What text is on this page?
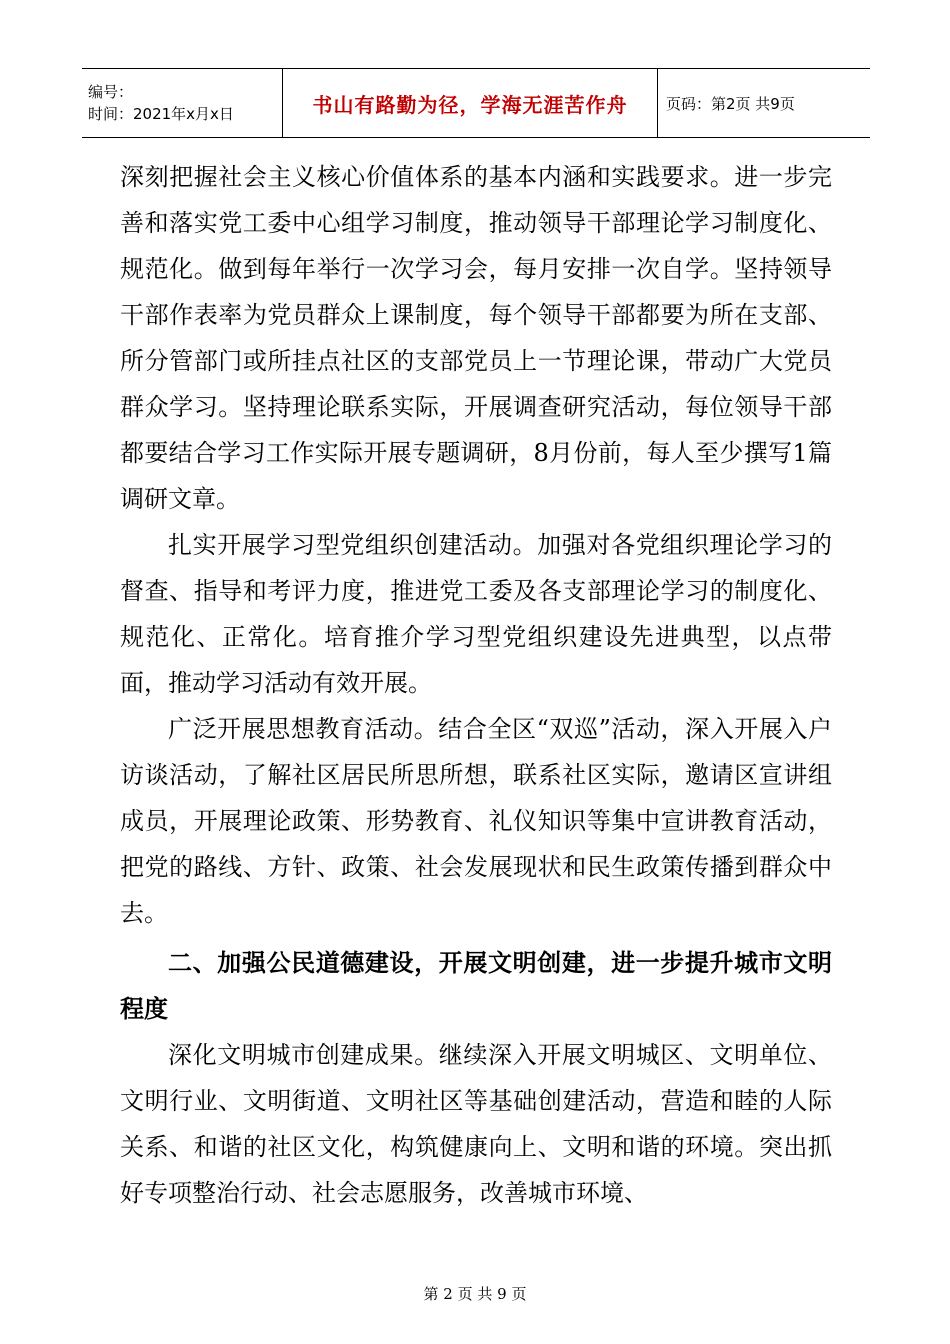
编号：
时间：2021年x月x日	书山有路勤为径，学海无涯苦作舟	页码：第2页 共9页

深刻把握社会主义核心价值体系的基本内涵和实践要求。进一步完善和落实党工委中心组学习制度，推动领导干部理论学习制度化、规范化。做到每年举行一次学习会，每月安排一次自学。坚持领导干部作表率为党员群众上课制度，每个领导干部都要为所在支部、所分管部门或所挂点社区的支部党员上一节理论课，带动广大党员群众学习。坚持理论联系实际，开展调查研究活动，每位领导干部都要结合学习工作实际开展专题调研，8月份前，每人至少撰写1篇调研文章。

扎实开展学习型党组织创建活动。加强对各党组织理论学习的督查、指导和考评力度，推进党工委及各支部理论学习的制度化、规范化、正常化。培育推介学习型党组织建设先进典型，以点带面，推动学习活动有效开展。

广泛开展思想教育活动。结合全区“双巡”活动，深入开展入户访谈活动，了解社区居民所思所想，联系社区实际，邀请区宣讲组成员，开展理论政策、形势教育、礼仪知识等集中宣讲教育活动，把党的路线、方针、政策、社会发展现状和民生政策传播到群众中去。

二、加强公民道德建设，开展文明创建，进一步提升城市文明程度

深化文明城市创建成果。继续深入开展文明城区、文明单位、文明行业、文明街道、文明社区等基础创建活动，营造和睦的人际关系、和谐的社区文化，构筑健康向上、文明和谐的环境。突出抓好专项整治行动、社会志愿服务，改善城市环境、

第 2 页 共 9 页
